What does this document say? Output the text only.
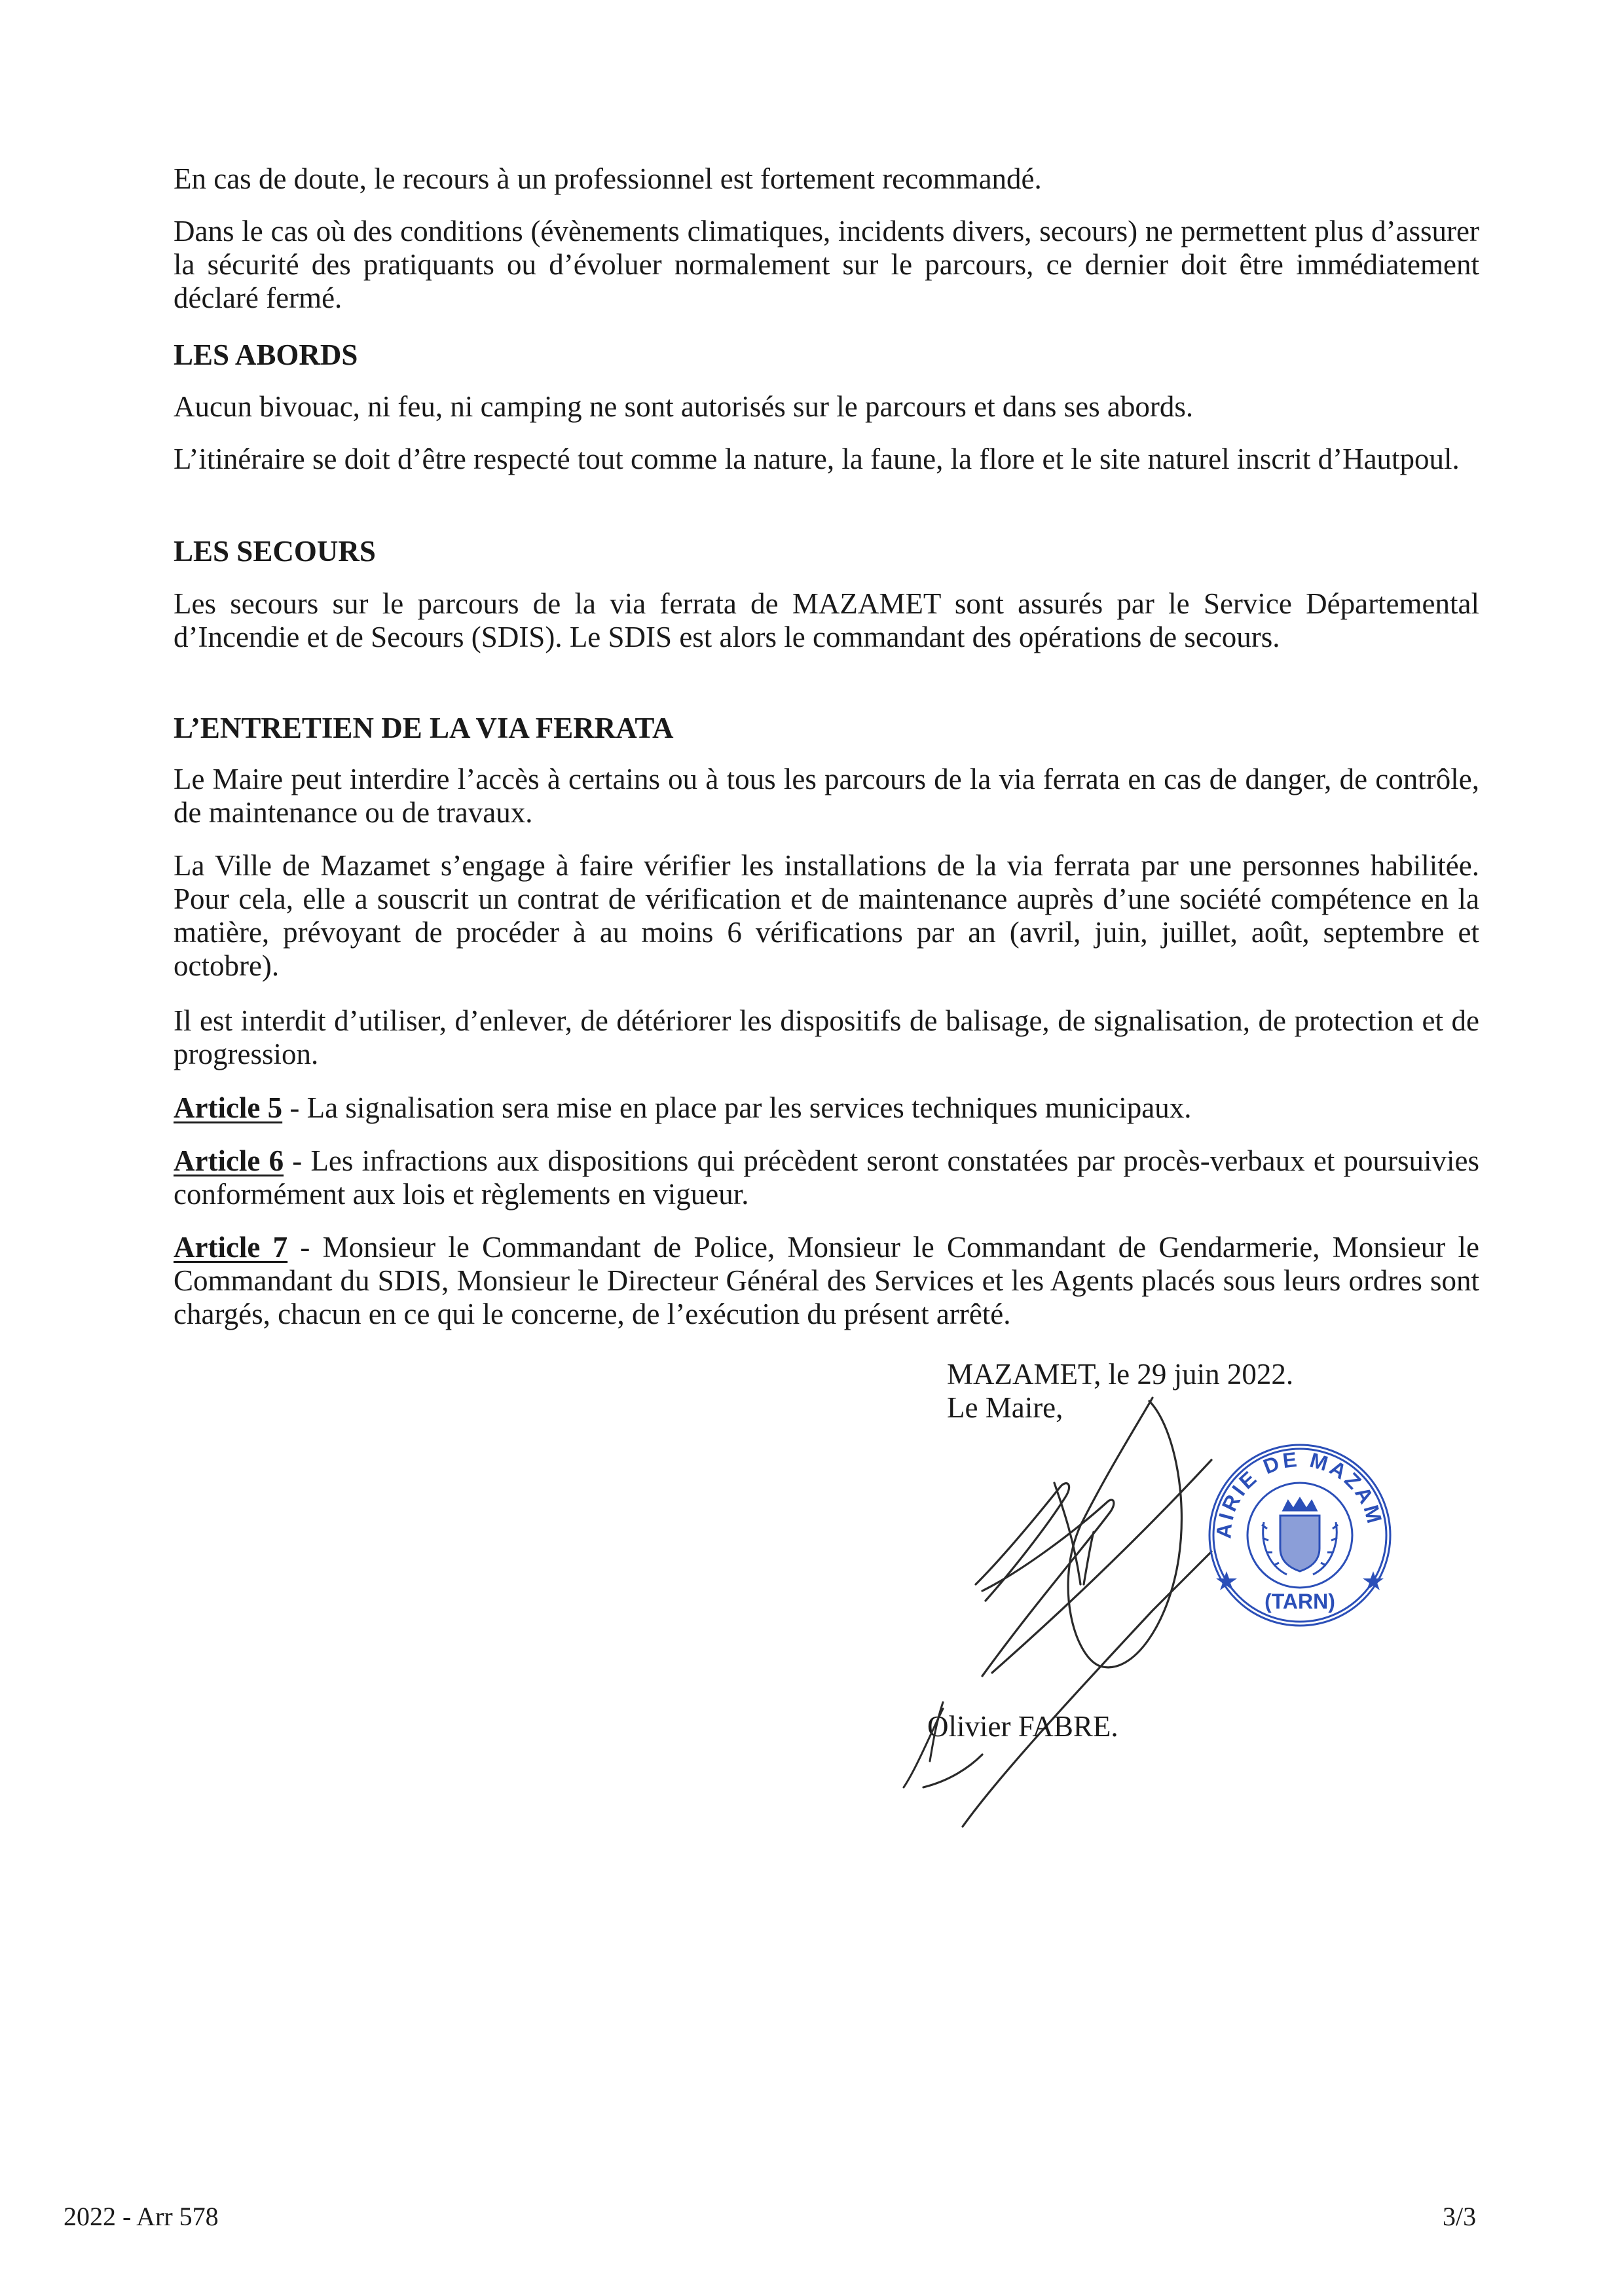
En cas de doute, le recours à un professionnel est fortement recommandé.

Dans le cas où des conditions (évènements climatiques, incidents divers, secours) ne permettent plus d’assurer la sécurité des pratiquants ou d’évoluer normalement sur le parcours, ce dernier doit être immédiatement déclaré fermé.

LES ABORDS

Aucun bivouac, ni feu, ni camping ne sont autorisés sur le parcours et dans ses abords.

L’itinéraire se doit d’être respecté tout comme la nature, la faune, la flore et le site naturel inscrit d’Hautpoul.

LES SECOURS

Les secours sur le parcours de la via ferrata de MAZAMET sont assurés par le Service Départemental d’Incendie et de Secours (SDIS). Le SDIS est alors le commandant des opérations de secours.

L’ENTRETIEN DE LA VIA FERRATA

Le Maire peut interdire l’accès à certains ou à tous les parcours de la via ferrata en cas de danger, de contrôle, de maintenance ou de travaux.

La Ville de Mazamet s’engage à faire vérifier les installations de la via ferrata par une personnes habilitée. Pour cela, elle a souscrit un contrat de vérification et de maintenance auprès d’une société compétence en la matière, prévoyant de procéder à au moins 6 vérifications par an (avril, juin, juillet, août, septembre et octobre).

Il est interdit d’utiliser, d’enlever, de détériorer les dispositifs de balisage, de signalisation, de protection et de progression.

Article 5 - La signalisation sera mise en place par les services techniques municipaux.

Article 6 - Les infractions aux dispositions qui précèdent seront constatées par procès-verbaux et poursuivies conformément aux lois et règlements en vigueur.

Article 7 - Monsieur le Commandant de Police, Monsieur le Commandant de Gendarmerie, Monsieur le Commandant du SDIS, Monsieur le Directeur Général des Services et les Agents placés sous leurs ordres sont chargés, chacun en ce qui le concerne, de l’exécution du présent arrêté.

MAZAMET, le 29 juin 2022.

Le Maire,

MAIRIE DE MAZAMET
(TARN)

Olivier FABRE.

2022 - Arr 578	3/3
